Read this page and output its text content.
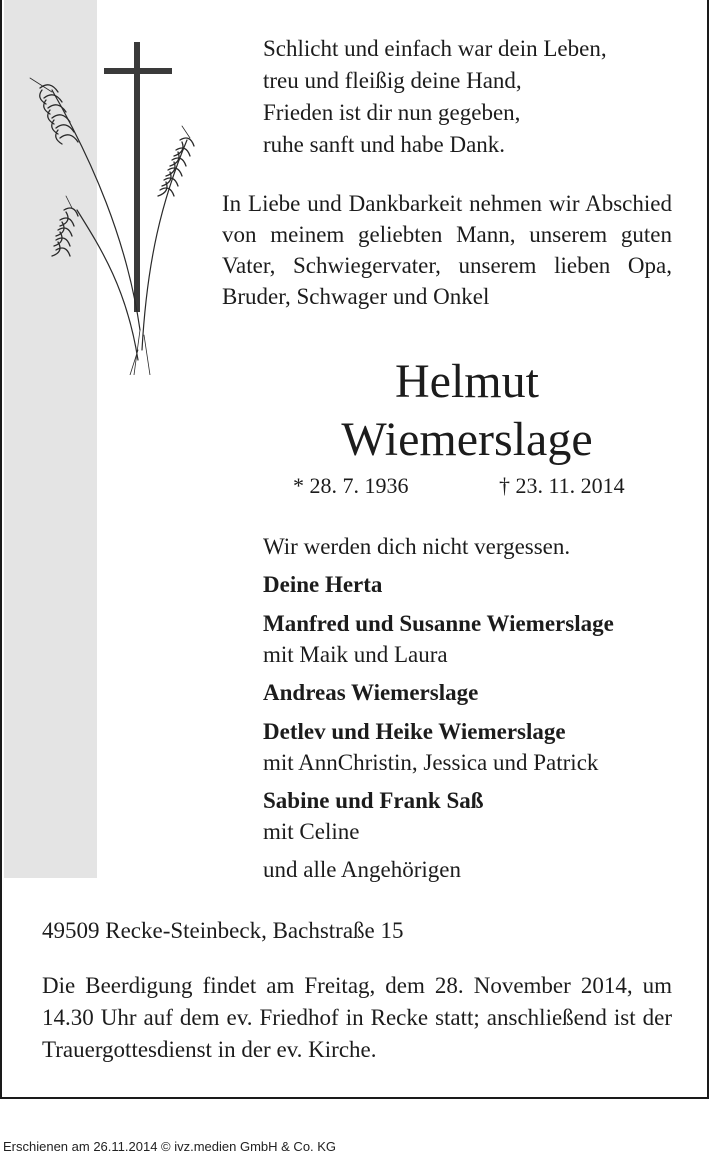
Schlicht und einfach war dein Leben,
treu und fleißig deine Hand,
Frieden ist dir nun gegeben,
ruhe sanft und habe Dank.
In Liebe und Dankbarkeit nehmen wir Abschied von meinem geliebten Mann, unserem guten Vater, Schwiegervater, unserem lieben Opa, Bruder, Schwager und Onkel
Helmut
Wiemerslage
* 28. 7. 1936	† 23. 11. 2014
Wir werden dich nicht vergessen.
Deine Herta
Manfred und Susanne Wiemerslage
mit Maik und Laura
Andreas Wiemerslage
Detlev und Heike Wiemerslage
mit AnnChristin, Jessica und Patrick
Sabine und Frank Saß
mit Celine
und alle Angehörigen
49509 Recke-Steinbeck, Bachstraße 15
Die Beerdigung findet am Freitag, dem 28. November 2014, um 14.30 Uhr auf dem ev. Friedhof in Recke statt; anschließend ist der Trauergottesdienst in der ev. Kirche.
Erschienen am 26.11.2014 © ivz.medien GmbH & Co. KG
